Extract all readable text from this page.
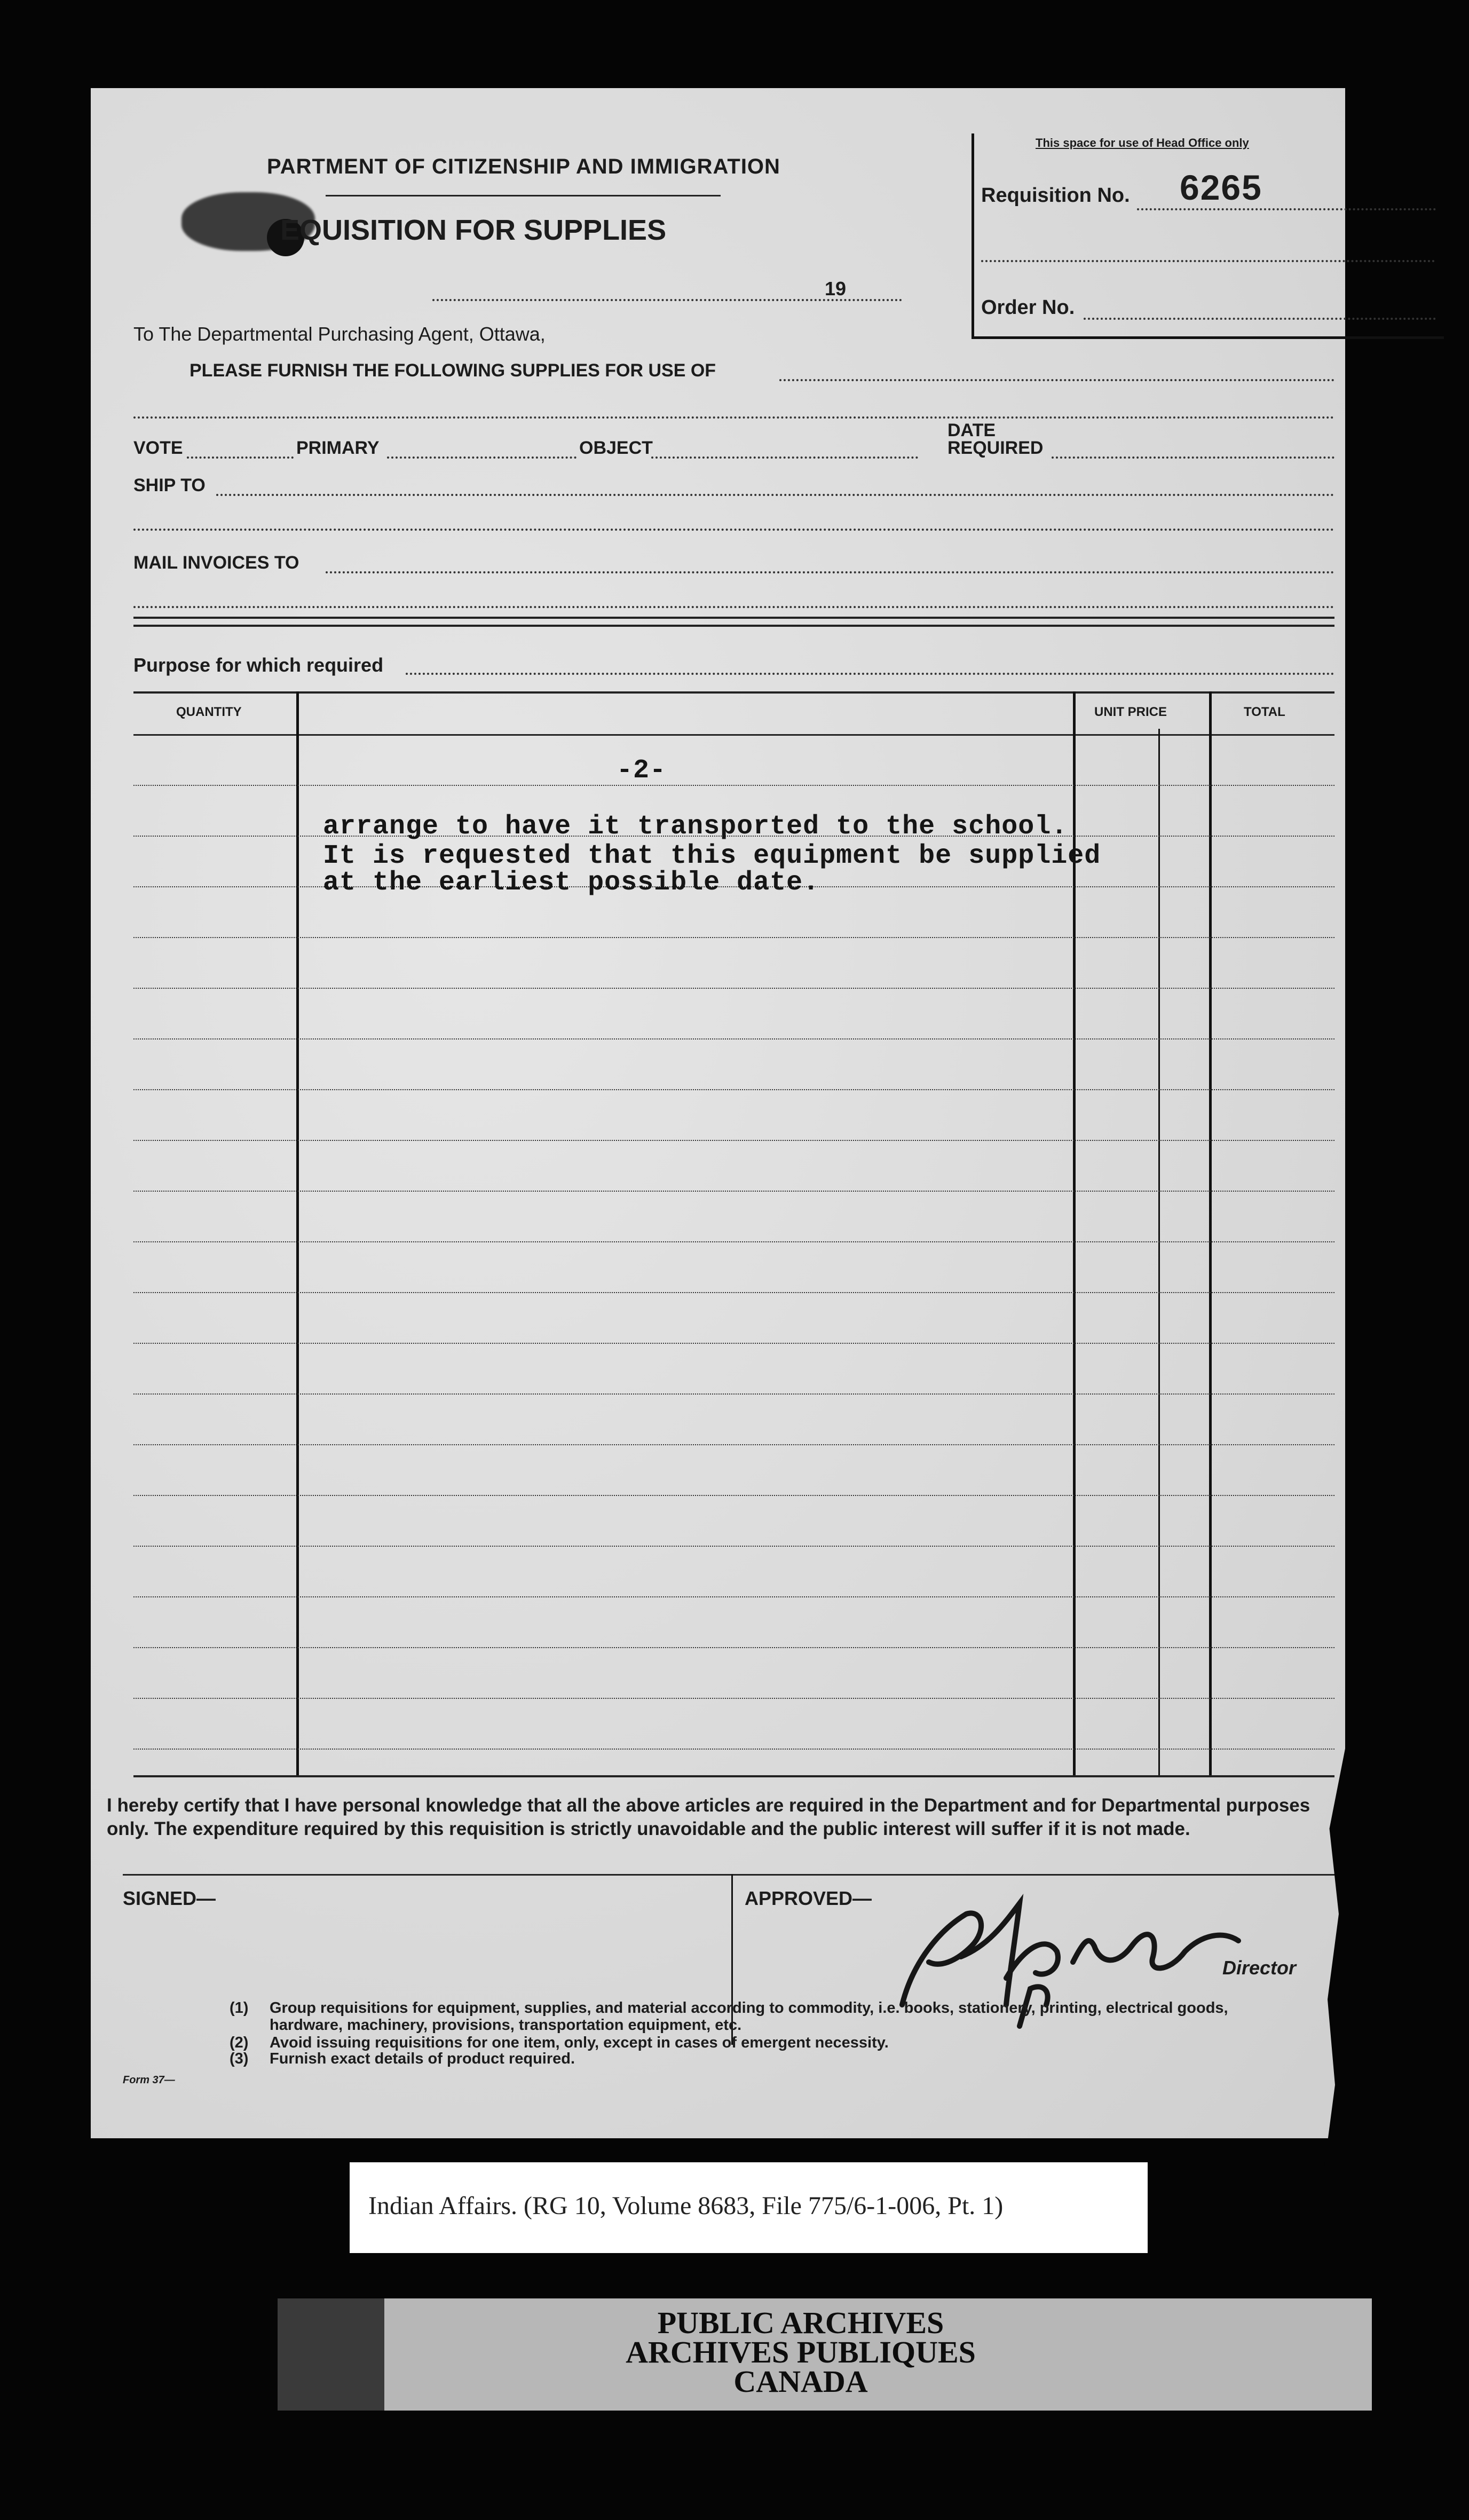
PARTMENT OF CITIZENSHIP AND IMMIGRATION
EQUISITION FOR SUPPLIES
19
This space for use of Head Office only
Requisition No. 6265
Order No.
To The Departmental Purchasing Agent, Ottawa,
PLEASE FURNISH THE FOLLOWING SUPPLIES FOR USE OF
VOTE	PRIMARY	OBJECT
DATE
REQUIRED
SHIP TO
MAIL INVOICES TO
Purpose for which required
QUANTITY	UNIT PRICE	TOTAL
-2-
arrange to have it transported to the school.
It is requested that this equipment be supplied
at the earliest possible date.
I hereby certify that I have personal knowledge that all the above articles are required in the Department and for Departmental purposes only. The expenditure required by this requisition is strictly unavoidable and the public interest will suffer if it is not made.
SIGNED—	APPROVED—
Director
(1) Group requisitions for equipment, supplies, and material according to commodity, i.e. books, stationery, printing, electrical goods, hardware, machinery, provisions, transportation equipment, etc.
(2) Avoid issuing requisitions for one item, only, except in cases of emergent necessity.
(3) Furnish exact details of product required.
Form 37—
Indian Affairs. (RG 10, Volume 8683, File 775/6-1-006, Pt. 1)
PUBLIC ARCHIVES
ARCHIVES PUBLIQUES
CANADA
